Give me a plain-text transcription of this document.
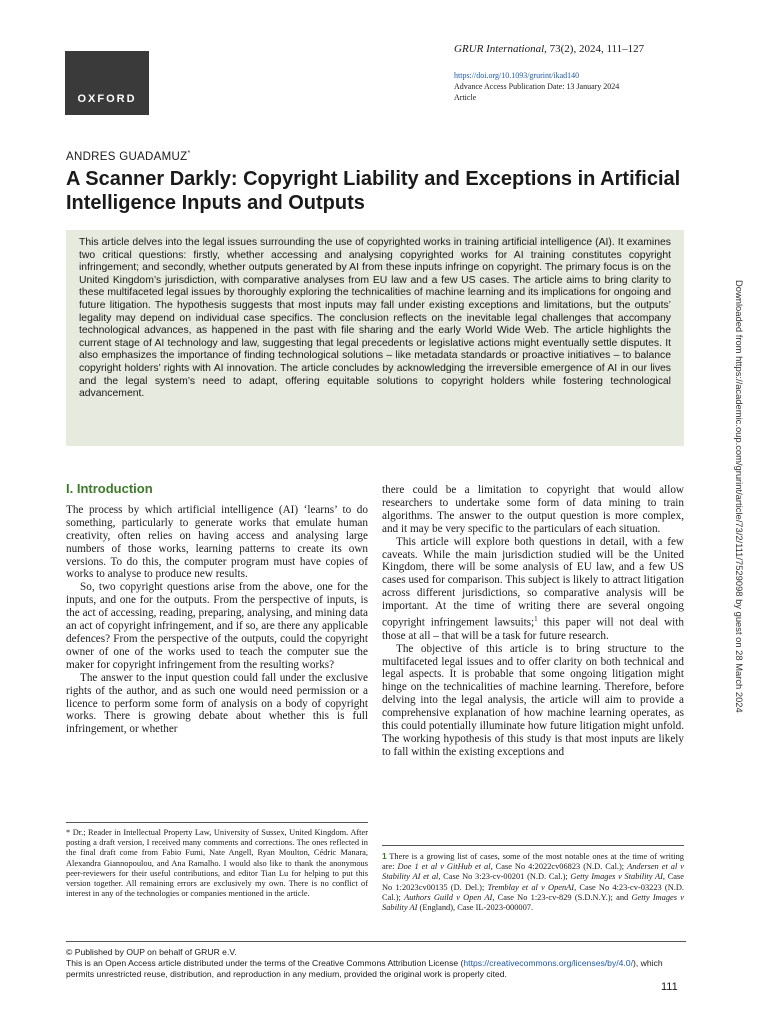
OXFORD
GRUR International, 73(2), 2024, 111–127
https://doi.org/10.1093/grurint/ikad140
Advance Access Publication Date: 13 January 2024
Article
ANDRES GUADAMUZ*
A Scanner Darkly: Copyright Liability and Exceptions in Artificial Intelligence Inputs and Outputs
This article delves into the legal issues surrounding the use of copyrighted works in training artificial intelligence (AI). It examines two critical questions: firstly, whether accessing and analysing copyrighted works for AI training constitutes copyright infringement; and secondly, whether outputs generated by AI from these inputs infringe on copyright. The primary focus is on the United Kingdom’s jurisdiction, with comparative analyses from EU law and a few US cases. The article aims to bring clarity to these multifaceted legal issues by thoroughly exploring the technicalities of machine learning and its implications for ongoing and future litigation. The hypothesis suggests that most inputs may fall under existing exceptions and limitations, but the outputs’ legality may depend on individual case specifics. The conclusion reflects on the inevitable legal challenges that accompany technological advances, as happened in the past with file sharing and the early World Wide Web. The article highlights the current stage of AI technology and law, suggesting that legal precedents or legislative actions might eventually settle disputes. It also emphasizes the importance of finding technological solutions – like metadata standards or proactive initiatives – to balance copyright holders’ rights with AI innovation. The article concludes by acknowledging the irreversible emergence of AI in our lives and the legal system’s need to adapt, offering equitable solutions to copyright holders while fostering technological advancement.
I. Introduction

The process by which artificial intelligence (AI) ‘learns’ to do something, particularly to generate works that emulate human creativity, often relies on having access and analysing large numbers of those works, learning patterns to create its own versions. To do this, the computer program must have copies of works to analyse to produce new results.

So, two copyright questions arise from the above, one for the inputs, and one for the outputs. From the perspective of inputs, is the act of accessing, reading, preparing, analysing, and mining data an act of copyright infringement, and if so, are there any applicable defences? From the perspective of the outputs, could the copyright owner of one of the works used to teach the computer sue the maker for copyright infringement from the resulting works?

The answer to the input question could fall under the exclusive rights of the author, and as such one would need permission or a licence to perform some form of analysis on a body of copyright works. There is growing debate about whether this is full infringement, or whether

there could be a limitation to copyright that would allow researchers to undertake some form of data mining to train algorithms. The answer to the output question is more complex, and it may be very specific to the particulars of each situation.

This article will explore both questions in detail, with a few caveats. While the main jurisdiction studied will be the United Kingdom, there will be some analysis of EU law, and a few US cases used for comparison. This subject is likely to attract litigation across different jurisdictions, so comparative analysis will be important. At the time of writing there are several ongoing copyright infringement lawsuits;$^1$ this paper will not deal with those at all – that will be a task for future research.

The objective of this article is to bring structure to the multifaceted legal issues and to offer clarity on both technical and legal aspects. It is probable that some ongoing litigation might hinge on the technicalities of machine learning. Therefore, before delving into the legal analysis, the article will aim to provide a comprehensive explanation of how machine learning operates, as this could potentially illuminate how future litigation might unfold. The working hypothesis of this study is that most inputs are likely to fall within the existing exceptions and

* Dr.; Reader in Intellectual Property Law, University of Sussex, United Kingdom. After posting a draft version, I received many comments and corrections. The ones reflected in the final draft come from Fabio Fumi, Nate Angell, Ryan Moulton, Cédric Manara, Alexandra Giannopoulou, and Ana Ramalho. I would also like to thank the anonymous peer-reviewers for their useful contributions, and editor Tian Lu for helping to put this version together. All remaining errors are exclusively my own. There is no conflict of interest in any of the technologies or companies mentioned in the article.
1 There is a growing list of cases, some of the most notable ones at the time of writing are: Doe 1 et al v GitHub et al, Case No 4:2022cv06823 (N.D. Cal.); Andersen et al v Stability AI et al, Case No 3:23-cv-00201 (N.D. Cal.); Getty Images v Stability AI, Case No 1:2023cv00135 (D. Del.); Tremblay et al v OpenAI, Case No 4:23-cv-03223 (N.D. Cal.); Authors Guild v Open AI, Case No 1:23-cv-829 (S.D.N.Y.); and Getty Images v Sability AI (England), Case IL-2023-000007.
© Published by OUP on behalf of GRUR e.V.
This is an Open Access article distributed under the terms of the Creative Commons Attribution License (https://creativecommons.org/licenses/by/4.0/), which permits unrestricted reuse, distribution, and reproduction in any medium, provided the original work is properly cited.
111
Downloaded from https://academic.oup.com/grurint/article/73/2/111/7529098 by guest on 28 March 2024
